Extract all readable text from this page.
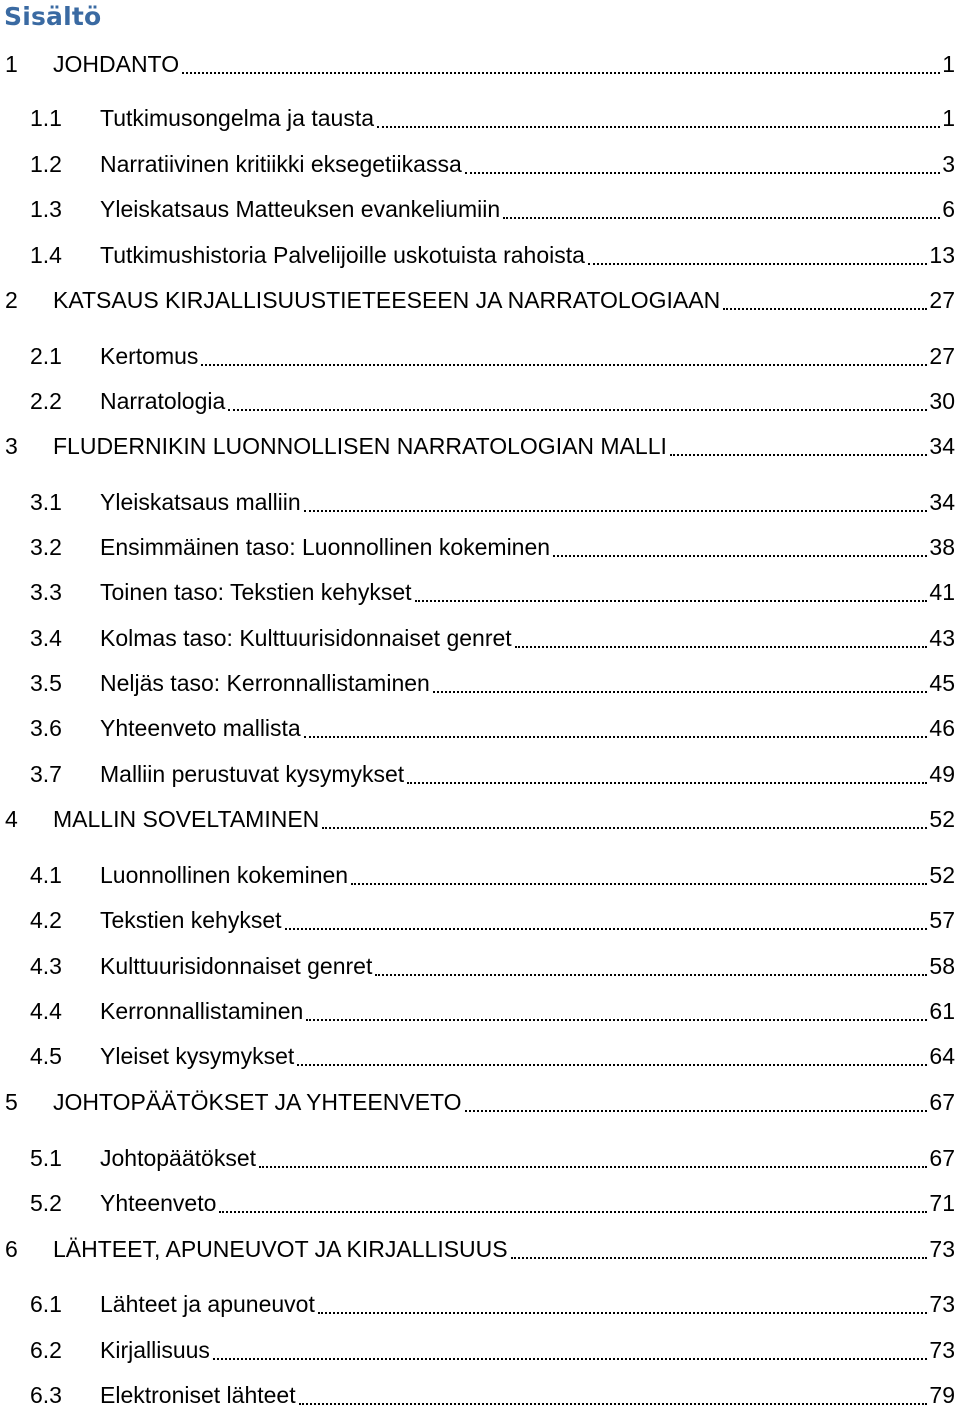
Sisältö
1	JOHDANTO	1
1.1	Tutkimusongelma ja tausta	1
1.2	Narratiivinen kritiikki eksegetiikassa	3
1.3	Yleiskatsaus Matteuksen evankeliumiin	6
1.4	Tutkimushistoria Palvelijoille uskotuista rahoista	13
2	KATSAUS KIRJALLISUUSTIETEESEEN JA NARRATOLOGIAAN	27
2.1	Kertomus	27
2.2	Narratologia	30
3	FLUDERNIKIN LUONNOLLISEN NARRATOLOGIAN MALLI	34
3.1	Yleiskatsaus malliin	34
3.2	Ensimmäinen taso: Luonnollinen kokeminen	38
3.3	Toinen taso: Tekstien kehykset	41
3.4	Kolmas taso: Kulttuurisidonnaiset genret	43
3.5	Neljäs taso: Kerronnallistaminen	45
3.6	Yhteenveto mallista	46
3.7	Malliin perustuvat kysymykset	49
4	MALLIN SOVELTAMINEN	52
4.1	Luonnollinen kokeminen	52
4.2	Tekstien kehykset	57
4.3	Kulttuurisidonnaiset genret	58
4.4	Kerronnallistaminen	61
4.5	Yleiset kysymykset	64
5	JOHTOPÄÄTÖKSET JA YHTEENVETO	67
5.1	Johtopäätökset	67
5.2	Yhteenveto	71
6	LÄHTEET, APUNEUVOT JA KIRJALLISUUS	73
6.1	Lähteet ja apuneuvot	73
6.2	Kirjallisuus	73
6.3	Elektroniset lähteet	79
